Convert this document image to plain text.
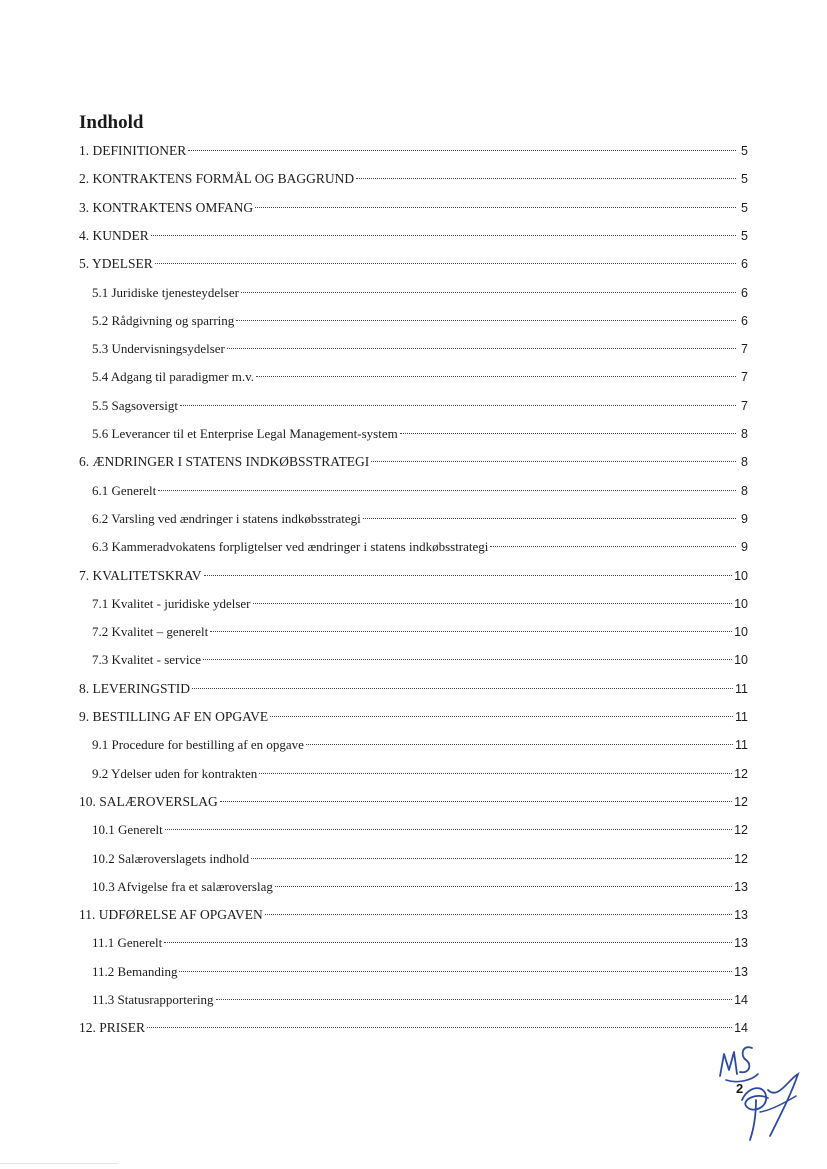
Indhold
1. DEFINITIONER	5
2. KONTRAKTENS FORMÅL OG BAGGRUND	5
3. KONTRAKTENS OMFANG	5
4. KUNDER	5
5. YDELSER	6
5.1 Juridiske tjenesteydelser	6
5.2 Rådgivning og sparring	6
5.3 Undervisningsydelser	7
5.4 Adgang til paradigmer m.v.	7
5.5 Sagsoversigt	7
5.6 Leverancer til et Enterprise Legal Management-system	8
6. ÆNDRINGER I STATENS INDKØBSSTRATEGI	8
6.1 Generelt	8
6.2 Varsling ved ændringer i statens indkøbsstrategi	9
6.3 Kammeradvokatens forpligtelser ved ændringer i statens indkøbsstrategi	9
7. KVALITETSKRAV	10
7.1 Kvalitet - juridiske ydelser	10
7.2 Kvalitet – generelt	10
7.3 Kvalitet - service	10
8. LEVERINGSTID	11
9. BESTILLING AF EN OPGAVE	11
9.1 Procedure for bestilling af en opgave	11
9.2 Ydelser uden for kontrakten	12
10. SALÆROVERSLAG	12
10.1 Generelt	12
10.2 Salæroverslagets indhold	12
10.3 Afvigelse fra et salæroverslag	13
11. UDFØRELSE AF OPGAVEN	13
11.1 Generelt	13
11.2 Bemanding	13
11.3 Statusrapportering	14
12. PRISER	14
2
